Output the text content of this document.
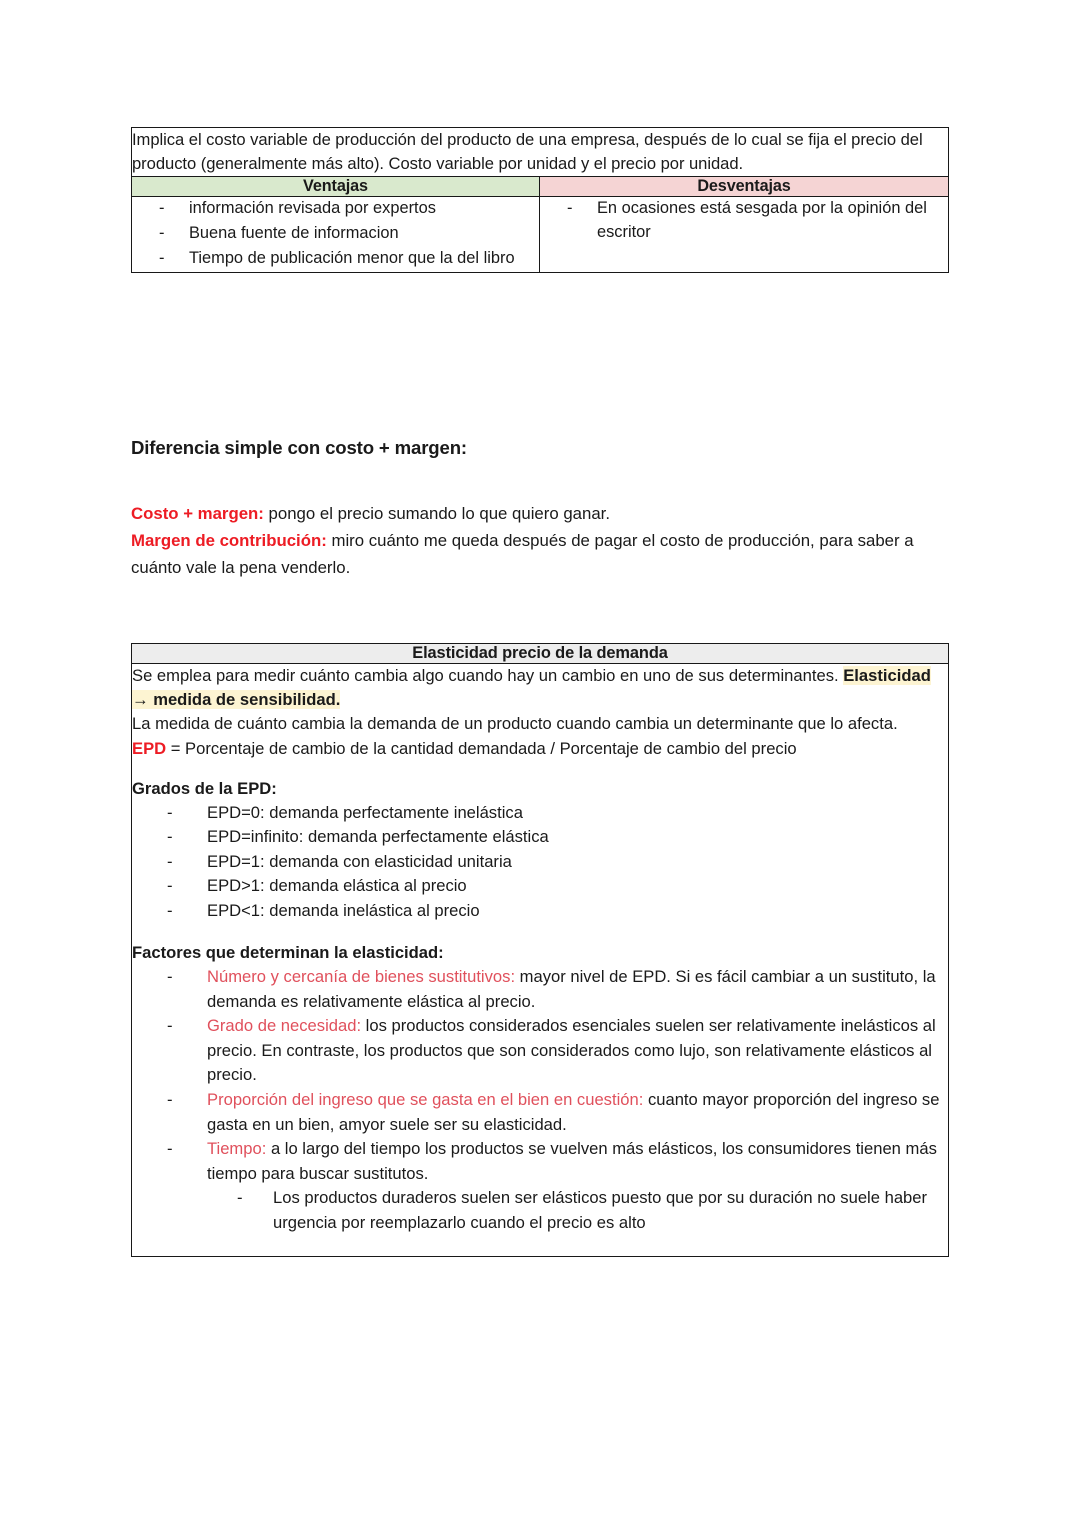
Implica el costo variable de producción del producto de una empresa, después de lo cual se fija el precio del producto (generalmente más alto). Costo variable por unidad y el precio por unidad.	
Ventajas	Desventajas

- información revisada por expertos
- Buena fuente de informacion
- Tiempo de publicación menor que la del libro

- En ocasiones está sesgada por la opinión del escritor
Diferencia simple con costo + margen:
Costo + margen: pongo el precio sumando lo que quiero ganar.
Margen de contribución: miro cuánto me queda después de pagar el costo de producción, para saber a cuánto vale la pena venderlo.
Elasticidad precio de la demanda

Se emplea para medir cuánto cambia algo cuando hay un cambio en uno de sus determinantes. Elasticidad → medida de sensibilidad.
La medida de cuánto cambia la demanda de un producto cuando cambia un determinante que lo afecta.
EPD = Porcentaje de cambio de la cantidad demandada / Porcentaje de cambio del precio
Grados de la EPD:
- EPD=0: demanda perfectamente inelástica
- EPD=infinito: demanda perfectamente elástica
- EPD=1: demanda con elasticidad unitaria
- EPD>1: demanda elástica al precio
- EPD<1: demanda inelástica al precio
Factores que determinan la elasticidad:
- Número y cercanía de bienes sustitutivos: mayor nivel de EPD. Si es fácil cambiar a un sustituto, la demanda es relativamente elástica al precio.
- Grado de necesidad: los productos considerados esenciales suelen ser relativamente inelásticos al precio. En contraste, los productos que son considerados como lujo, son relativamente elásticos al precio.
- Proporción del ingreso que se gasta en el bien en cuestión: cuanto mayor proporción del ingreso se gasta en un bien, amyor suele ser su elasticidad.
- Tiempo: a lo largo del tiempo los productos se vuelven más elásticos, los consumidores tienen más tiempo para buscar sustitutos.
- Los productos duraderos suelen ser elásticos puesto que por su duración no suele haber urgencia por reemplazarlo cuando el precio es alto
